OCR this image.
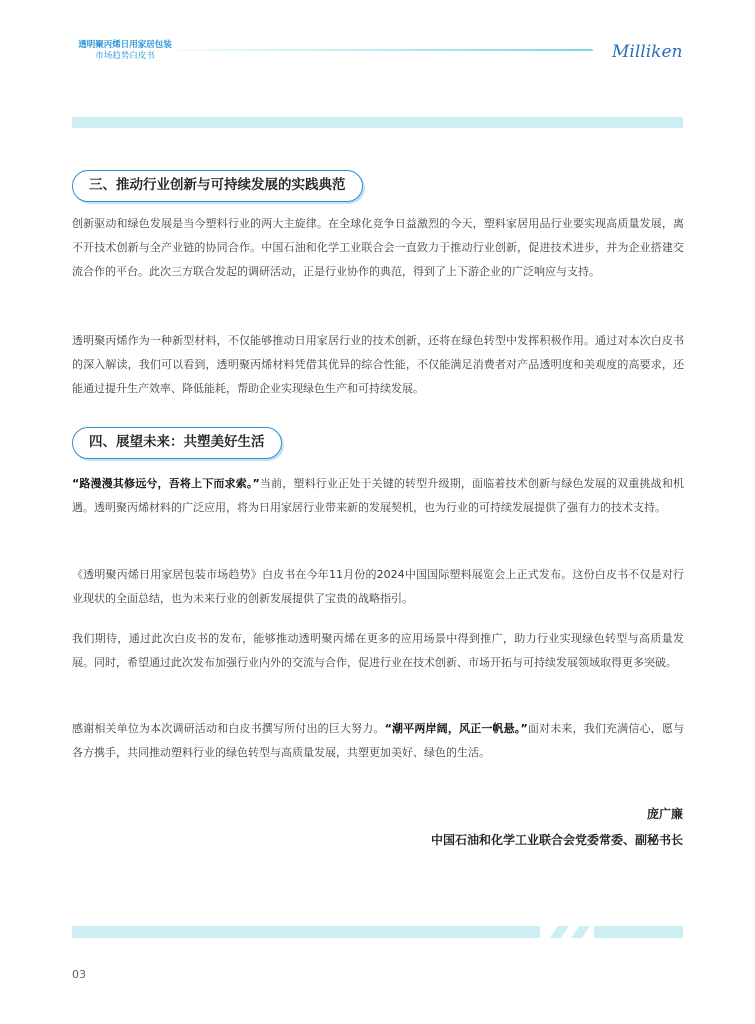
透明聚丙烯日用家居包装
市场趋势白皮书	Milliken
三、推动行业创新与可持续发展的实践典范

创新驱动和绿色发展是当今塑料行业的两大主旋律。在全球化竞争日益激烈的今天，塑料家居用品行业要实现高质量发展，离不开技术创新与全产业链的协同合作。中国石油和化学工业联合会一直致力于推动行业创新，促进技术进步，并为企业搭建交流合作的平台。此次三方联合发起的调研活动，正是行业协作的典范，得到了上下游企业的广泛响应与支持。

透明聚丙烯作为一种新型材料，不仅能够推动日用家居行业的技术创新，还将在绿色转型中发挥积极作用。通过对本次白皮书的深入解读，我们可以看到，透明聚丙烯材料凭借其优异的综合性能，不仅能满足消费者对产品透明度和美观度的高要求，还能通过提升生产效率、降低能耗，帮助企业实现绿色生产和可持续发展。

四、展望未来：共塑美好生活

“路漫漫其修远兮，吾将上下而求索。”当前，塑料行业正处于关键的转型升级期，面临着技术创新与绿色发展的双重挑战和机遇。透明聚丙烯材料的广泛应用，将为日用家居行业带来新的发展契机，也为行业的可持续发展提供了强有力的技术支持。

《透明聚丙烯日用家居包装市场趋势》白皮书在今年11月份的2024中国国际塑料展览会上正式发布。这份白皮书不仅是对行业现状的全面总结，也为未来行业的创新发展提供了宝贵的战略指引。

我们期待，通过此次白皮书的发布，能够推动透明聚丙烯在更多的应用场景中得到推广，助力行业实现绿色转型与高质量发展。同时，希望通过此次发布加强行业内外的交流与合作，促进行业在技术创新、市场开拓与可持续发展领域取得更多突破。

感谢相关单位为本次调研活动和白皮书撰写所付出的巨大努力。“潮平两岸阔，风正一帆悬。”面对未来，我们充满信心，愿与各方携手，共同推动塑料行业的绿色转型与高质量发展，共塑更加美好、绿色的生活。

庞广廉
中国石油和化学工业联合会党委常委、副秘书长
03
